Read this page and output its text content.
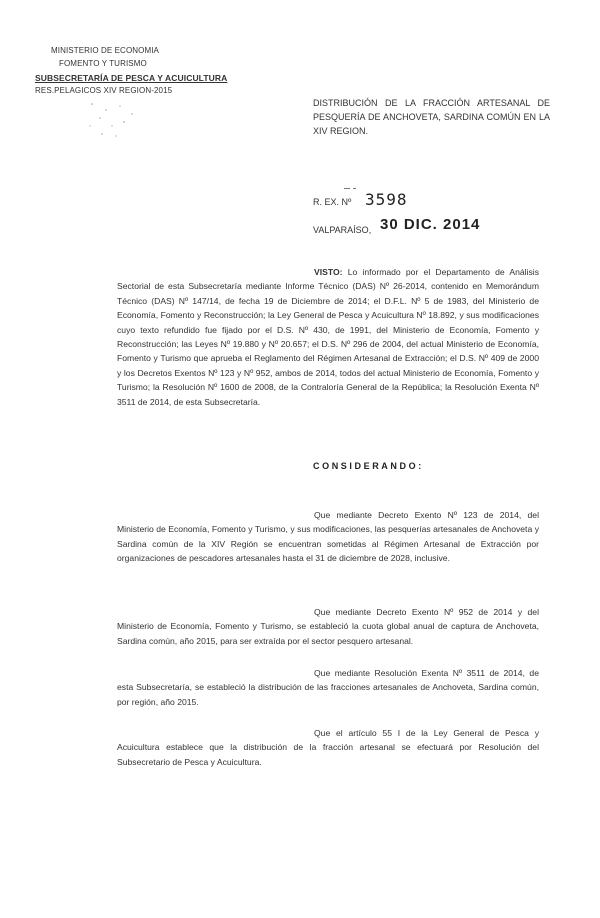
MINISTERIO DE ECONOMIA
FOMENTO Y TURISMO
SUBSECRETARÍA DE PESCA Y ACUICULTURA
RES.PELAGICOS XIV REGION-2015
DISTRIBUCIÓN DE LA FRACCIÓN ARTESANAL DE PESQUERÍA DE ANCHOVETA, SARDINA COMÚN EN LA XIV REGION.
R. EX. Nº 3598
VALPARAÍSO, 30 DIC. 2014
VISTO: Lo informado por el Departamento de Análisis Sectorial de esta Subsecretaría mediante Informe Técnico (DAS) Nº 26-2014, contenido en Memorándum Técnico (DAS) Nº 147/14, de fecha 19 de Diciembre de 2014; el D.F.L. Nº 5 de 1983, del Ministerio de Economía, Fomento y Reconstrucción; la Ley General de Pesca y Acuicultura Nº 18.892, y sus modificaciones cuyo texto refundido fue fijado por el D.S. Nº 430, de 1991, del Ministerio de Economía, Fomento y Reconstrucción; las Leyes Nº 19.880 y Nº 20.657; el D.S. Nº 296 de 2004, del actual Ministerio de Economía, Fomento y Turismo que aprueba el Reglamento del Régimen Artesanal de Extracción; el D.S. Nº 409 de 2000 y los Decretos Exentos Nº 123 y Nº 952, ambos de 2014, todos del actual Ministerio de Economía, Fomento y Turismo; la Resolución Nº 1600 de 2008, de la Contraloría General de la República; la Resolución Exenta Nº 3511 de 2014, de esta Subsecretaría.
CONSIDERANDO:
Que mediante Decreto Exento Nº 123 de 2014, del Ministerio de Economía, Fomento y Turismo, y sus modificaciones, las pesquerías artesanales de Anchoveta y Sardina común de la XIV Región se encuentran sometidas al Régimen Artesanal de Extracción por organizaciones de pescadores artesanales hasta el 31 de diciembre de 2028, inclusive.
Que mediante Decreto Exento Nº 952 de 2014 y del Ministerio de Economía, Fomento y Turismo, se estableció la cuota global anual de captura de Anchoveta, Sardina común, año 2015, para ser extraída por el sector pesquero artesanal.
Que mediante Resolución Exenta Nº 3511 de 2014, de esta Subsecretaría, se estableció la distribución de las fracciones artesanales de Anchoveta, Sardina común, por región, año 2015.
Que el artículo 55 I de la Ley General de Pesca y Acuicultura establece que la distribución de la fracción artesanal se efectuará por Resolución del Subsecretario de Pesca y Acuicultura.
